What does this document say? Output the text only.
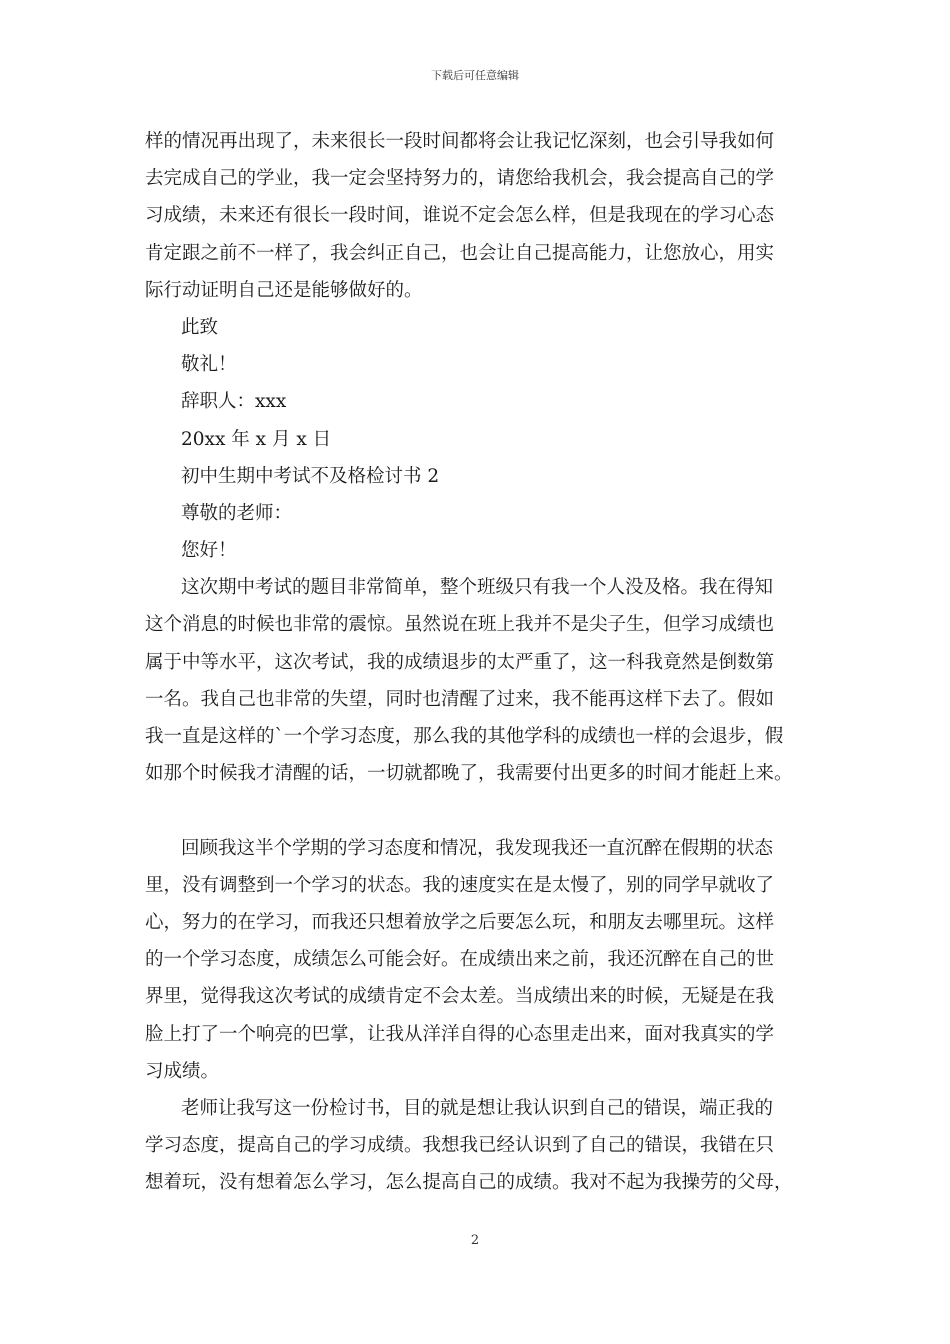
下载后可任意编辑
样的情况再出现了，未来很长一段时间都将会让我记忆深刻，也会引导我如何
去完成自己的学业，我一定会坚持努力的，请您给我机会，我会提高自己的学
习成绩，未来还有很长一段时间，谁说不定会怎么样，但是我现在的学习心态
肯定跟之前不一样了，我会纠正自己，也会让自己提高能力，让您放心，用实
际行动证明自己还是能够做好的。
此致
敬礼！
辞职人：xxx
20xx 年 x 月 x 日
初中生期中考试不及格检讨书 2
尊敬的老师：
您好！
这次期中考试的题目非常简单，整个班级只有我一个人没及格。我在得知
这个消息的时候也非常的震惊。虽然说在班上我并不是尖子生，但学习成绩也
属于中等水平，这次考试，我的成绩退步的太严重了，这一科我竟然是倒数第
一名。我自己也非常的失望，同时也清醒了过来，我不能再这样下去了。假如
我一直是这样的`一个学习态度，那么我的其他学科的成绩也一样的会退步，假
如那个时候我才清醒的话，一切就都晚了，我需要付出更多的时间才能赶上来。
回顾我这半个学期的学习态度和情况，我发现我还一直沉醉在假期的状态
里，没有调整到一个学习的状态。我的速度实在是太慢了，别的同学早就收了
心，努力的在学习，而我还只想着放学之后要怎么玩，和朋友去哪里玩。这样
的一个学习态度，成绩怎么可能会好。在成绩出来之前，我还沉醉在自己的世
界里，觉得我这次考试的成绩肯定不会太差。当成绩出来的时候，无疑是在我
脸上打了一个响亮的巴掌，让我从洋洋自得的心态里走出来，面对我真实的学
习成绩。
老师让我写这一份检讨书，目的就是想让我认识到自己的错误，端正我的
学习态度，提高自己的学习成绩。我想我已经认识到了自己的错误，我错在只
想着玩，没有想着怎么学习，怎么提高自己的成绩。我对不起为我操劳的父母，
2
